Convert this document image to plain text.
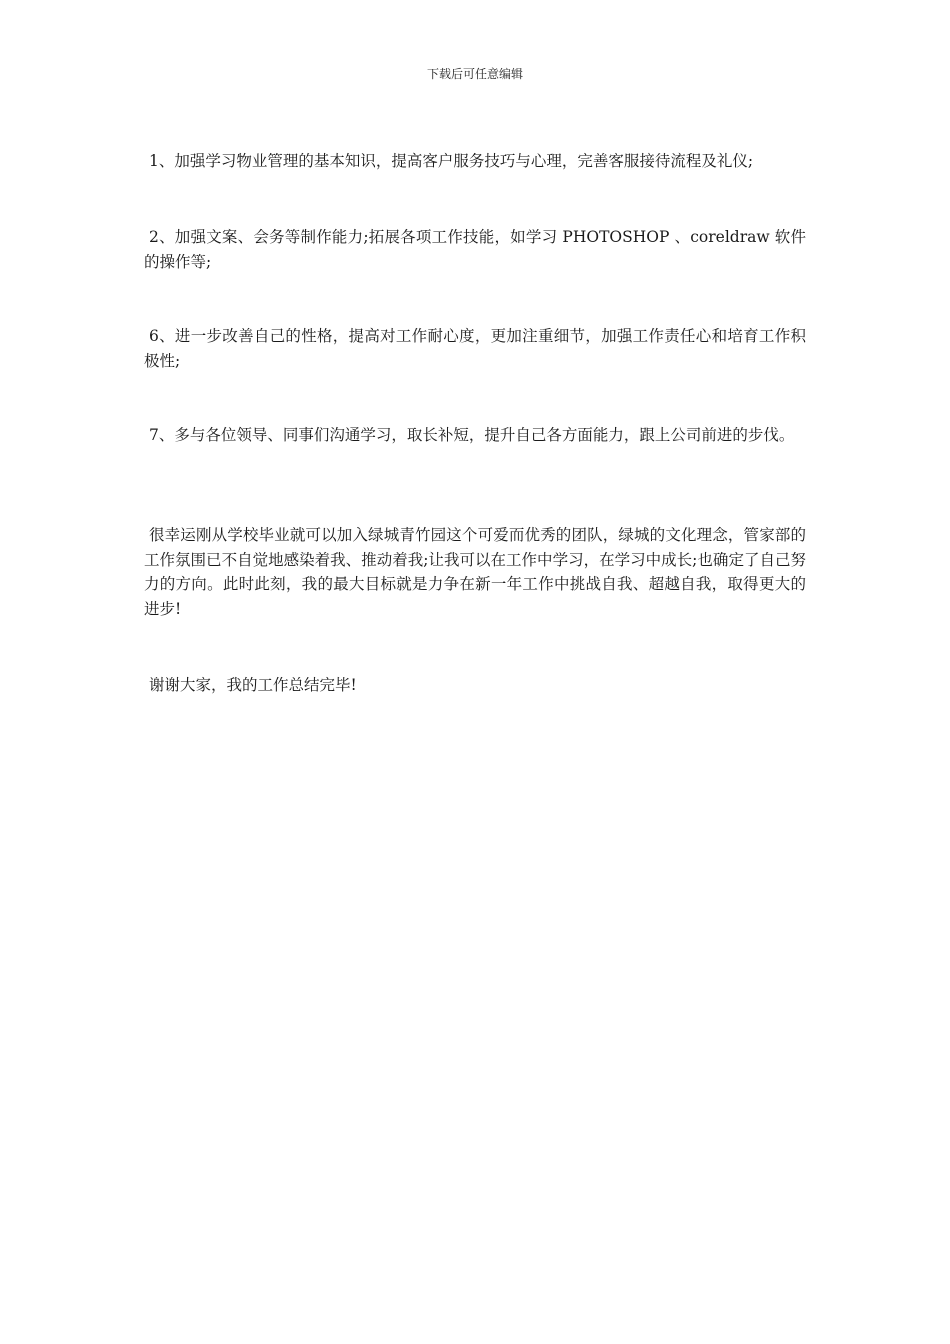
下载后可任意编辑

1、加强学习物业管理的基本知识，提高客户服务技巧与心理，完善客服接待流程及礼仪;

2、加强文案、会务等制作能力;拓展各项工作技能，如学习 PHOTOSHOP 、coreldraw 软件的操作等;

6、进一步改善自己的性格，提高对工作耐心度，更加注重细节，加强工作责任心和培育工作积极性;

7、多与各位领导、同事们沟通学习，取长补短，提升自己各方面能力，跟上公司前进的步伐。

很幸运刚从学校毕业就可以加入绿城青竹园这个可爱而优秀的团队，绿城的文化理念，管家部的工作氛围已不自觉地感染着我、推动着我;让我可以在工作中学习，在学习中成长;也确定了自己努力的方向。此时此刻，我的最大目标就是力争在新一年工作中挑战自我、超越自我，取得更大的进步!

谢谢大家，我的工作总结完毕!
